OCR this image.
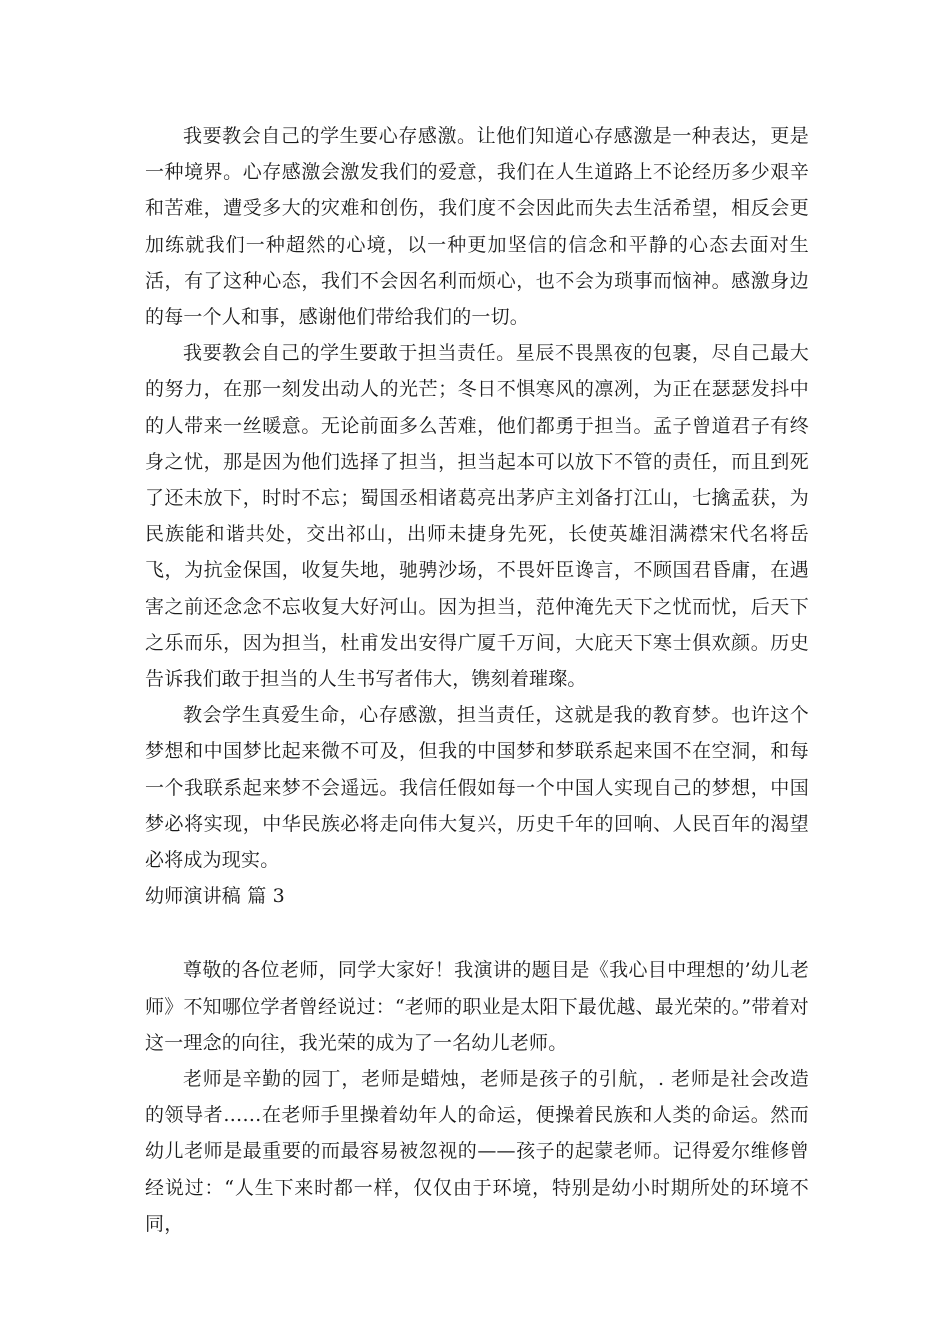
我要教会自己的学生要心存感激。让他们知道心存感激是一种表达，更是一种境界。心存感激会激发我们的爱意，我们在人生道路上不论经历多少艰辛和苦难，遭受多大的灾难和创伤，我们度不会因此而失去生活希望，相反会更加练就我们一种超然的心境，以一种更加坚信的信念和平静的心态去面对生活，有了这种心态，我们不会因名利而烦心，也不会为琐事而恼神。感激身边的每一个人和事，感谢他们带给我们的一切。

我要教会自己的学生要敢于担当责任。星辰不畏黑夜的包裹，尽自己最大的努力，在那一刻发出动人的光芒；冬日不惧寒风的凛冽，为正在瑟瑟发抖中的人带来一丝暖意。无论前面多么苦难，他们都勇于担当。孟子曾道君子有终身之忧，那是因为他们选择了担当，担当起本可以放下不管的责任，而且到死了还未放下，时时不忘；蜀国丞相诸葛亮出茅庐主刘备打江山，七擒孟获，为民族能和谐共处，交出祁山，出师未捷身先死，长使英雄泪满襟宋代名将岳飞，为抗金保国，收复失地，驰骋沙场，不畏奸臣谗言，不顾国君昏庸，在遇害之前还念念不忘收复大好河山。因为担当，范仲淹先天下之忧而忧，后天下之乐而乐，因为担当，杜甫发出安得广厦千万间，大庇天下寒士俱欢颜。历史告诉我们敢于担当的人生书写者伟大，镌刻着璀璨。

教会学生真爱生命，心存感激，担当责任，这就是我的教育梦。也许这个梦想和中国梦比起来微不可及，但我的中国梦和梦联系起来国不在空洞，和每一个我联系起来梦不会遥远。我信任假如每一个中国人实现自己的梦想，中国梦必将实现，中华民族必将走向伟大复兴，历史千年的回响、人民百年的渴望必将成为现实。

幼师演讲稿 篇 3

尊敬的各位老师，同学大家好！我演讲的题目是《我心目中理想的’幼儿老师》不知哪位学者曾经说过：“老师的职业是太阳下最优越、最光荣的。”带着对这一理念的向往，我光荣的成为了一名幼儿老师。

老师是辛勤的园丁，老师是蜡烛，老师是孩子的引航，. 老师是社会改造的领导者……在老师手里操着幼年人的命运，便操着民族和人类的命运。然而幼儿老师是最重要的而最容易被忽视的——孩子的起蒙老师。记得爱尔维修曾经说过：“人生下来时都一样，仅仅由于环境，特别是幼小时期所处的环境不同，
